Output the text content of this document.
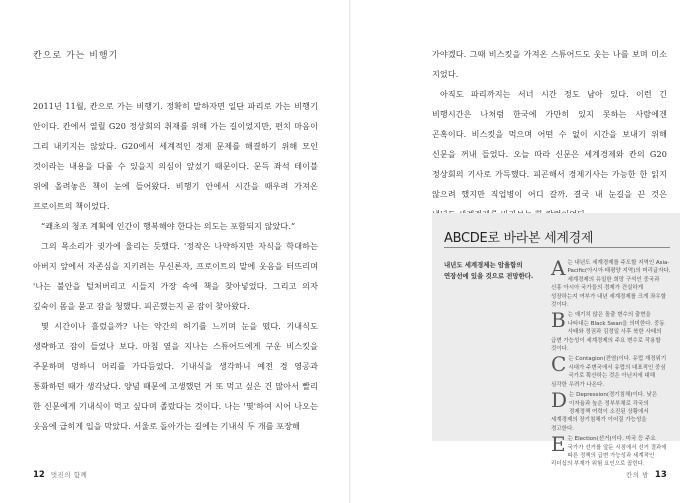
칸으로 가는 비행기

2011년 11월, 칸으로 가는 비행기. 정확히 말하자면 일단 파리로 가는 비행기 안이다. 칸에서 열릴 G20 정상회의 취재를 위해 가는 길이었지만, 편치 마음이 그리 내키지는 않았다. G20에서 세계적인 경제 문제를 해결하기 위해 모인 것이라는 내용을 다룰 수 있을지 의심이 앞섰기 때문이다. 문득 좌석 테이블 위에 올려놓은 책이 눈에 들어왔다. 비행기 안에서 시간을 때우려 가져온 프로이트의 책이었다.

“쾌초의 청조 계획에 인간이 행복해야 한다는 의도는 포함되지 않았다.”

그의 목소리가 귓가에 울리는 듯했다. '정작은 나약하지만 자식을 학대하는 아버지 앞에서 자존심을 지키려는 무신론자, 프로이트의 말에 웃음을 터뜨리며 '나는 불안을 털쳐버리고 시들지 가장 속에 책을 찾아넣었다. 그리고 의자 깊숙이 몸을 묻고 잠을 청했다. 피곤했는지 곧 잠이 찾아왔다.

몇 시간이나 흘렀을까? 나는 약간의 허기를 느끼며 눈을 떴다. 기내식도 생략하고 잠이 들었나 보다. 마침 옆을 지나는 스튜어드에게 구운 비스킷을 주문하며 멍하니 머리를 가다듬었다. 기내식을 생각하니 예전 경 영공과 통화하던 때가 생각났다. 양념 때문에 고생했던 거 또 먹고 싶은 건 많아서 빨리 한 신문에게 기내식이 먹고 싶다며 졸랐다는 것이다. 나는 '몇'하여 시어 나오는 웃음에 급히게 입을 막았다. 서울로 돌아가는 길에는 기내식 두 개를 포장해

12 멋진의 함께

가야겠다. 그때 비스킷을 가져온 스튜어드도 웃는 나를 보며 미소 지었다.

아직도 파리까지는 서너 시간 정도 남아 있다. 이런 긴 비행시간은 나처럼 한국에 가만히 있지 못하는 사람에겐 곤혹이다. 비스킷을 먹으며 어떤 수 없이 시간을 보내기 위해 신문을 꺼내 들었다. 오늘 따라 신문은 세계경제와 칸의 G20 정상회의 기사로 가득했다. 피곤해서 경제기사는 가능한 한 읽지 않으려 했지만 직업병이 어디 갈까. 결국 내 눈길을 끈 것은

ABCDE로 바라본 세계경제
내년도 세계경제는 암울함의 연장선에 있을 것으로 전망한다. A는 내년도 세계경제를 주도할 지역인 Asia-Pacific(아시아·태평양 지역)의 머리글자다. 세계경제의 유일한 희망 구석인 중국과 신흥 아시아 국가들의 경제가 건실하게 성장하는지 여부가 내년 세계경제를 크게 좌우할 것이다.
B는 예기치 않은 돌출 변수의 출현을 나타내는 Black Swan을 의미한다. 중동 사태와 정권과 김정일 사후 북한 사태의 급변 가능성이 세계경제의 주요 변수로 작용할 것이다.
C는 Contagion(전염)이다. 유럽 재정위기 시대가 주변국에서 유럽의 대표적인 중심 국가로 확산하는 것은 아닌지에 대해 심각한 우려가 나온다.
D는 Depression(경기침체)이다. 낮은 이자율과 높은 정부부채로 각국의 경제정책 여력이 소진된 상황에서 세계경제의 장기침체가 이어질 가능성을 경고한다.
E는 Election(선거)이다. 미국 등 주요 국가가 선거를 앞둔 시점에서 선거 결과에 따른 정책의 급변 가능성과 세계적인 리더십의 부재가 위험 요인으로 꼽힌다.
칸의 밤 13
